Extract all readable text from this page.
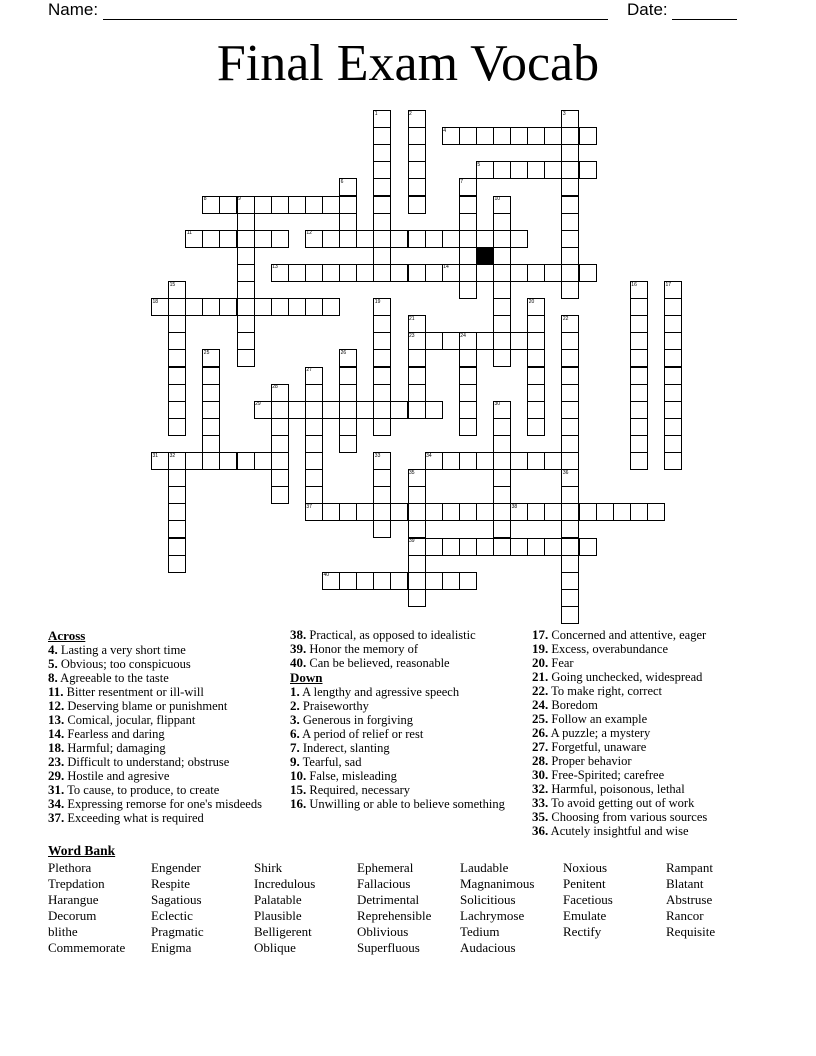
Name:	Date:
Final Exam Vocab
4
5
8
11	12
13	14
18
23
29
31	34
37	38
39
40
1	2	3
6	7
9	10
15	16	17
19	20
21	22
24
25	26
27
28
30
32	33
35	36
Across
4. Lasting a very short time
5. Obvious; too conspicuous
8. Agreeable to the taste
11. Bitter resentment or ill-will
12. Deserving blame or punishment
13. Comical, jocular, flippant
14. Fearless and daring
18. Harmful; damaging
23. Difficult to understand; obstruse
29. Hostile and agresive
31. To cause, to produce, to create
34. Expressing remorse for one's misdeeds
37. Exceeding what is required
38. Practical, as opposed to idealistic
39. Honor the memory of
40. Can be believed, reasonable
Down
1. A lengthy and agressive speech
2. Praiseworthy
3. Generous in forgiving
6. A period of relief or rest
7. Inderect, slanting
9. Tearful, sad
10. False, misleading
15. Required, necessary
16. Unwilling or able to believe something
17. Concerned and attentive, eager
19. Excess, overabundance
20. Fear
21. Going unchecked, widespread
22. To make right, correct
24. Boredom
25. Follow an example
26. A puzzle; a mystery
27. Forgetful, unaware
28. Proper behavior
30. Free-Spirited; carefree
32. Harmful, poisonous, lethal
33. To avoid getting out of work
35. Choosing from various sources
36. Acutely insightful and wise
Word Bank
Plethora
Trepdation
Harangue
Decorum
blithe
Commemorate
Engender
Respite
Sagatious
Eclectic
Pragmatic
Enigma
Shirk
Incredulous
Palatable
Plausible
Belligerent
Oblique
Ephemeral
Fallacious
Detrimental
Reprehensible
Oblivious
Superfluous
Laudable
Magnanimous
Solicitious
Lachrymose
Tedium
Audacious
Noxious
Penitent
Facetious
Emulate
Rectify
Rampant
Blatant
Abstruse
Rancor
Requisite
